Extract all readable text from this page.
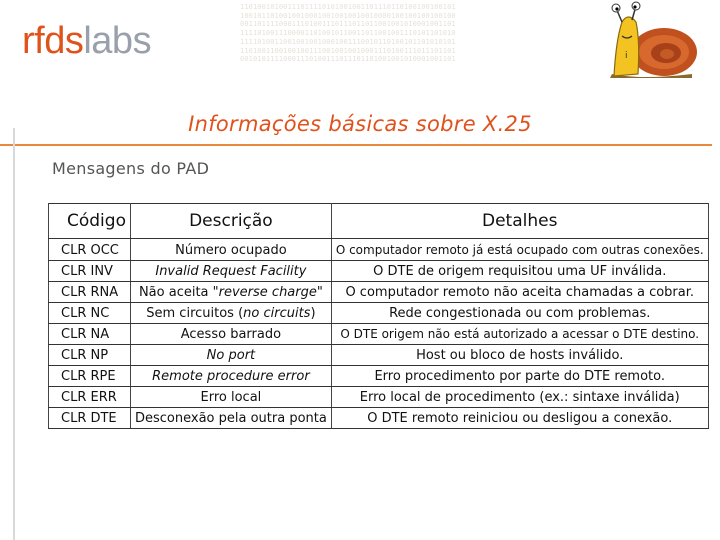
rfdslabs
11010010100111011110101001001101110110100100100101
10010110100100100010010010010010000100100100100100
00110111100011101001110111011011001001010001001101
11110100111000011010010110011011001001110101101010
11110100110010010010001001110010110100101101010101
11010011001001001110010010010001110100111011101101
00101011110001110100111011101101001001010001001101	i
Informações básicas sobre X.25
Mensagens do PAD
Código	Descrição	Detalhes

CLR OCC	Número ocupado	O computador remoto já está ocupado com outras conexões.
CLR INV	Invalid Request Facility	O DTE de origem requisitou uma UF inválida.
CLR RNA	Não aceita "reverse charge"	O computador remoto não aceita chamadas a cobrar.
CLR NC	Sem circuitos (no circuits)	Rede congestionada ou com problemas.
CLR NA	Acesso barrado	O DTE origem não está autorizado a acessar o DTE destino.
CLR NP	No port	Host ou bloco de hosts inválido.
CLR RPE	Remote procedure error	Erro procedimento por parte do DTE remoto.
CLR ERR	Erro local	Erro local de procedimento (ex.: sintaxe inválida)
CLR DTE	Desconexão pela outra ponta	O DTE remoto reiniciou ou desligou a conexão.
